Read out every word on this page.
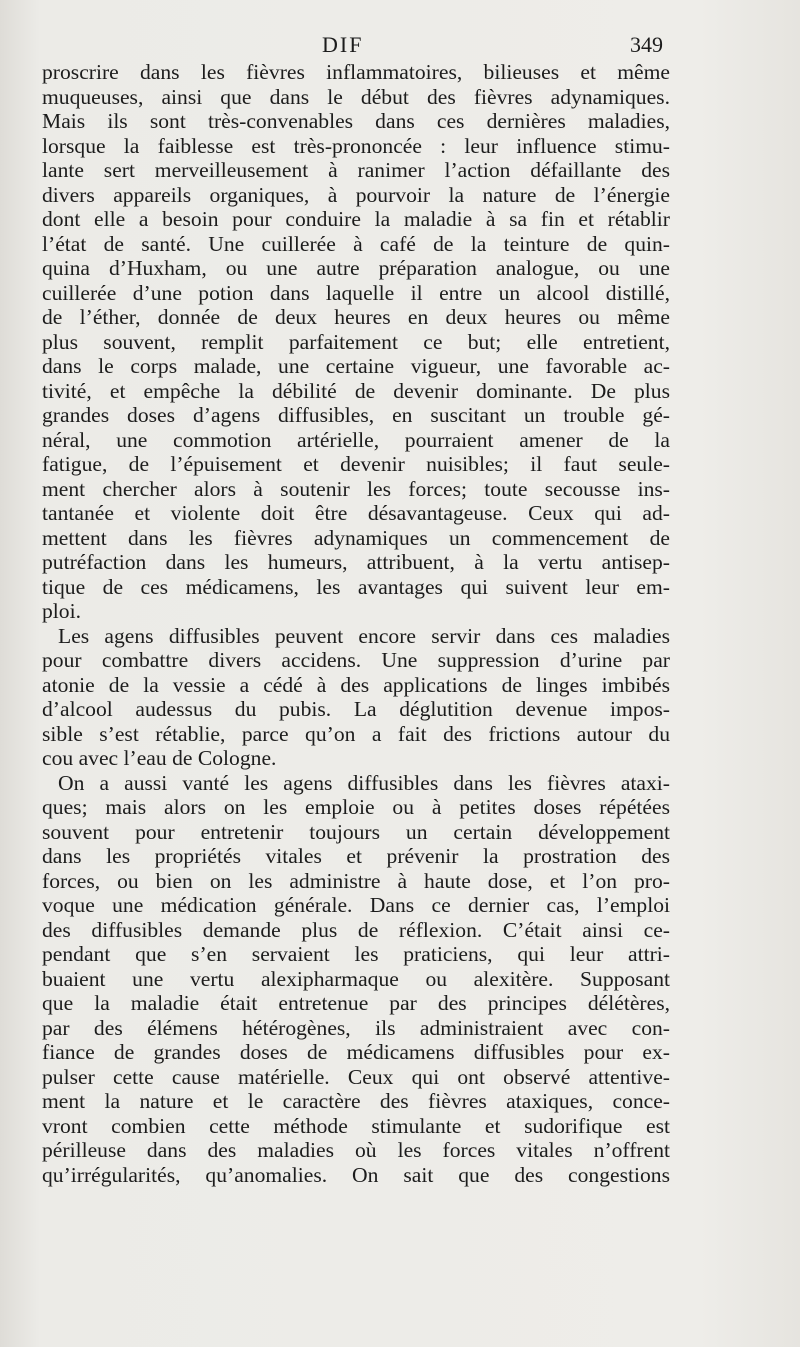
DIF	349
proscrire dans les fièvres inflammatoires, bilieuses et même
muqueuses, ainsi que dans le début des fièvres adynamiques.
Mais ils sont très-convenables dans ces dernières maladies,
lorsque la faiblesse est très-prononcée : leur influence stimu-
lante sert merveilleusement à ranimer l’action défaillante des
divers appareils organiques, à pourvoir la nature de l’énergie
dont elle a besoin pour conduire la maladie à sa fin et rétablir
l’état de santé. Une cuillerée à café de la teinture de quin-
quina d’Huxham, ou une autre préparation analogue, ou une
cuillerée d’une potion dans laquelle il entre un alcool distillé,
de l’éther, donnée de deux heures en deux heures ou même
plus souvent, remplit parfaitement ce but; elle entretient,
dans le corps malade, une certaine vigueur, une favorable ac-
tivité, et empêche la débilité de devenir dominante. De plus
grandes doses d’agens diffusibles, en suscitant un trouble gé-
néral, une commotion artérielle, pourraient amener de la
fatigue, de l’épuisement et devenir nuisibles; il faut seule-
ment chercher alors à soutenir les forces; toute secousse ins-
tantanée et violente doit être désavantageuse. Ceux qui ad-
mettent dans les fièvres adynamiques un commencement de
putréfaction dans les humeurs, attribuent, à la vertu antisep-
tique de ces médicamens, les avantages qui suivent leur em-
ploi.
Les agens diffusibles peuvent encore servir dans ces maladies
pour combattre divers accidens. Une suppression d’urine par
atonie de la vessie a cédé à des applications de linges imbibés
d’alcool audessus du pubis. La déglutition devenue impos-
sible s’est rétablie, parce qu’on a fait des frictions autour du
cou avec l’eau de Cologne.
On a aussi vanté les agens diffusibles dans les fièvres ataxi-
ques; mais alors on les emploie ou à petites doses répétées
souvent pour entretenir toujours un certain développement
dans les propriétés vitales et prévenir la prostration des
forces, ou bien on les administre à haute dose, et l’on pro-
voque une médication générale. Dans ce dernier cas, l’emploi
des diffusibles demande plus de réflexion. C’était ainsi ce-
pendant que s’en servaient les praticiens, qui leur attri-
buaient une vertu alexipharmaque ou alexitère. Supposant
que la maladie était entretenue par des principes délétères,
par des élémens hétérogènes, ils administraient avec con-
fiance de grandes doses de médicamens diffusibles pour ex-
pulser cette cause matérielle. Ceux qui ont observé attentive-
ment la nature et le caractère des fièvres ataxiques, conce-
vront combien cette méthode stimulante et sudorifique est
périlleuse dans des maladies où les forces vitales n’offrent
qu’irrégularités, qu’anomalies. On sait que des congestions
